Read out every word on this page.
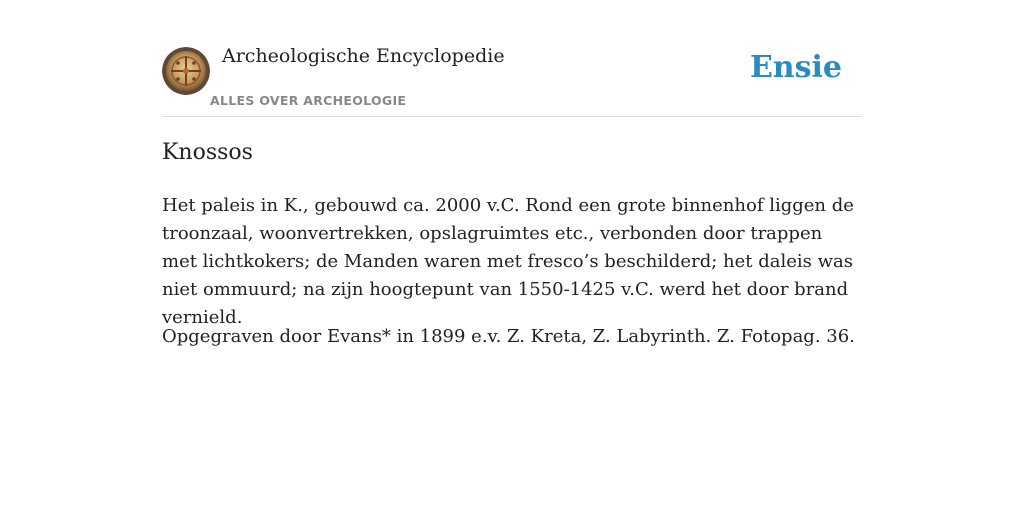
Archeologische Encyclopedie
ALLES OVER ARCHEOLOGIE
Ensie
Knossos

Het paleis in K., gebouwd ca. 2000 v.C. Rond een grote binnenhof liggen de troonzaal, woonvertrekken, opslagruimtes etc., verbonden door trappen met lichtkokers; de Manden waren met fresco’s beschilderd; het daleis was niet ommuurd; na zijn hoogtepunt van 1550-1425 v.C. werd het door brand vernield.

Opgegraven door Evans* in 1899 e.v. Z. Kreta, Z. Labyrinth. Z. Fotopag. 36.
